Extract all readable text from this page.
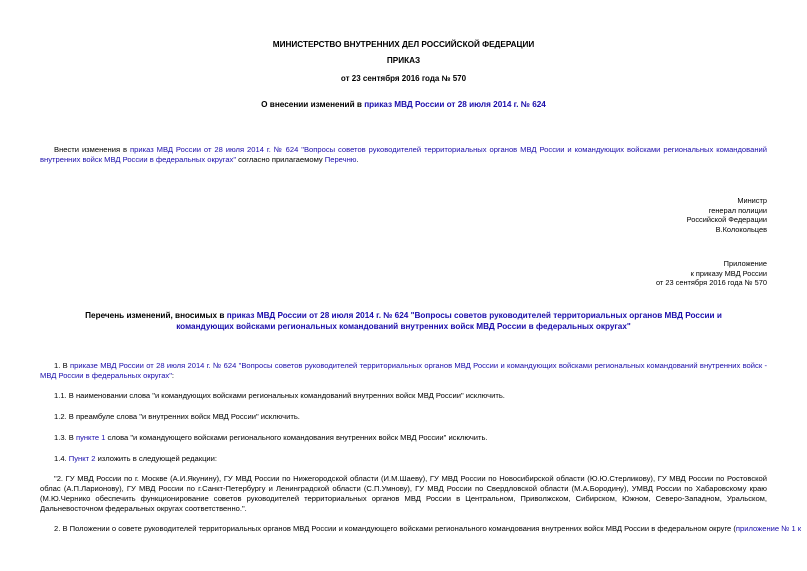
МИНИСТЕРСТВО ВНУТРЕННИХ ДЕЛ РОССИЙСКОЙ ФЕДЕРАЦИИ
ПРИКАЗ
от 23 сентября 2016 года № 570
О внесении изменений в приказ МВД России от 28 июля 2014 г. № 624
Внести изменения в приказ МВД России от 28 июля 2014 г. № 624 "Вопросы советов руководителей территориальных органов МВД России и командующих войсками региональных командований внутренних войск МВД России в федеральных округах" согласно прилагаемому Перечню.
Министр
генерал полиции
Российской Федерации
В.Колокольцев
Приложение
к приказу МВД России
от 23 сентября 2016 года № 570
Перечень изменений, вносимых в приказ МВД России от 28 июля 2014 г. № 624 "Вопросы советов руководителей территориальных органов МВД России и командующих войсками региональных командований внутренних войск МВД России в федеральных округах"
1. В приказе МВД России от 28 июля 2014 г. № 624 "Вопросы советов руководителей территориальных органов МВД России и командующих войсками региональных командований внутренних войск - МВД России в федеральных округах":
1.1. В наименовании слова "и командующих войсками региональных командований внутренних войск МВД России" исключить.
1.2. В преамбуле слова "и внутренних войск МВД России" исключить.
1.3. В пункте 1 слова "и командующего войсками регионального командования внутренних войск МВД России" исключить.
1.4. Пункт 2 изложить в следующей редакции:
"2. ГУ МВД России по г. Москве (А.И.Якунину), ГУ МВД России по Нижегородской области (И.М.Шаеву), ГУ МВД России по Новосибирской области (Ю.Ю.Стерликову), ГУ МВД России по Ростовской облас (А.П.Ларионову), ГУ МВД России по г.Санкт-Петербургу и Ленинградской области (С.П.Умнову), ГУ МВД России по Свердловской области (М.А.Бородину), УМВД России по Хабаровскому краю (М.Ю.Чернико обеспечить функционирование советов руководителей территориальных органов МВД России в Центральном, Приволжском, Сибирском, Южном, Северо-Западном, Уральском, Дальневосточном федеральных округах соответственно.".
2. В Положении о совете руководителей территориальных органов МВД России и командующего войсками регионального командования внутренних войск МВД России в федеральном округе (приложение № 1 к
